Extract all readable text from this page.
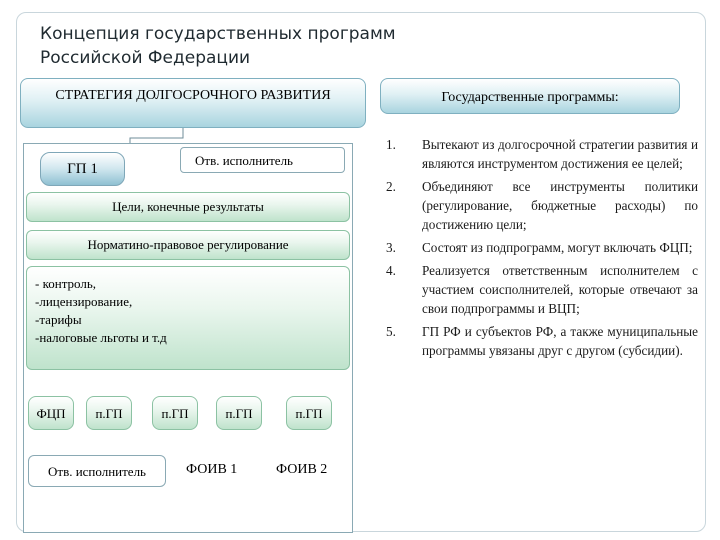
Концепция государственных программ
Российской Федерации
СТРАТЕГИЯ ДОЛГОСРОЧНОГО РАЗВИТИЯ	Государственные программы:
Отв. исполнитель
ГП 1
Цели, конечные результаты
Норматино-правовое регулирование
- контроль,
-лицензирование,
-тарифы
-налоговые льготы и т.д
ФЦП	п.ГП	п.ГП	п.ГП	п.ГП
Отв. исполнитель	ФОИВ 1	ФОИВ 2
1. Вытекают из долгосрочной стратегии развития и являются инструментом достижения ее целей;
2. Объединяют все инструменты политики (регулирование, бюджетные расходы) по достижению цели;
3. Состоят из подпрограмм, могут включать ФЦП;
4. Реализуется ответственным исполнителем с участием соисполнителей, которые отвечают за свои подпрограммы и ВЦП;
5. ГП РФ и субъектов РФ, а также муниципальные программы увязаны друг с другом (субсидии).
